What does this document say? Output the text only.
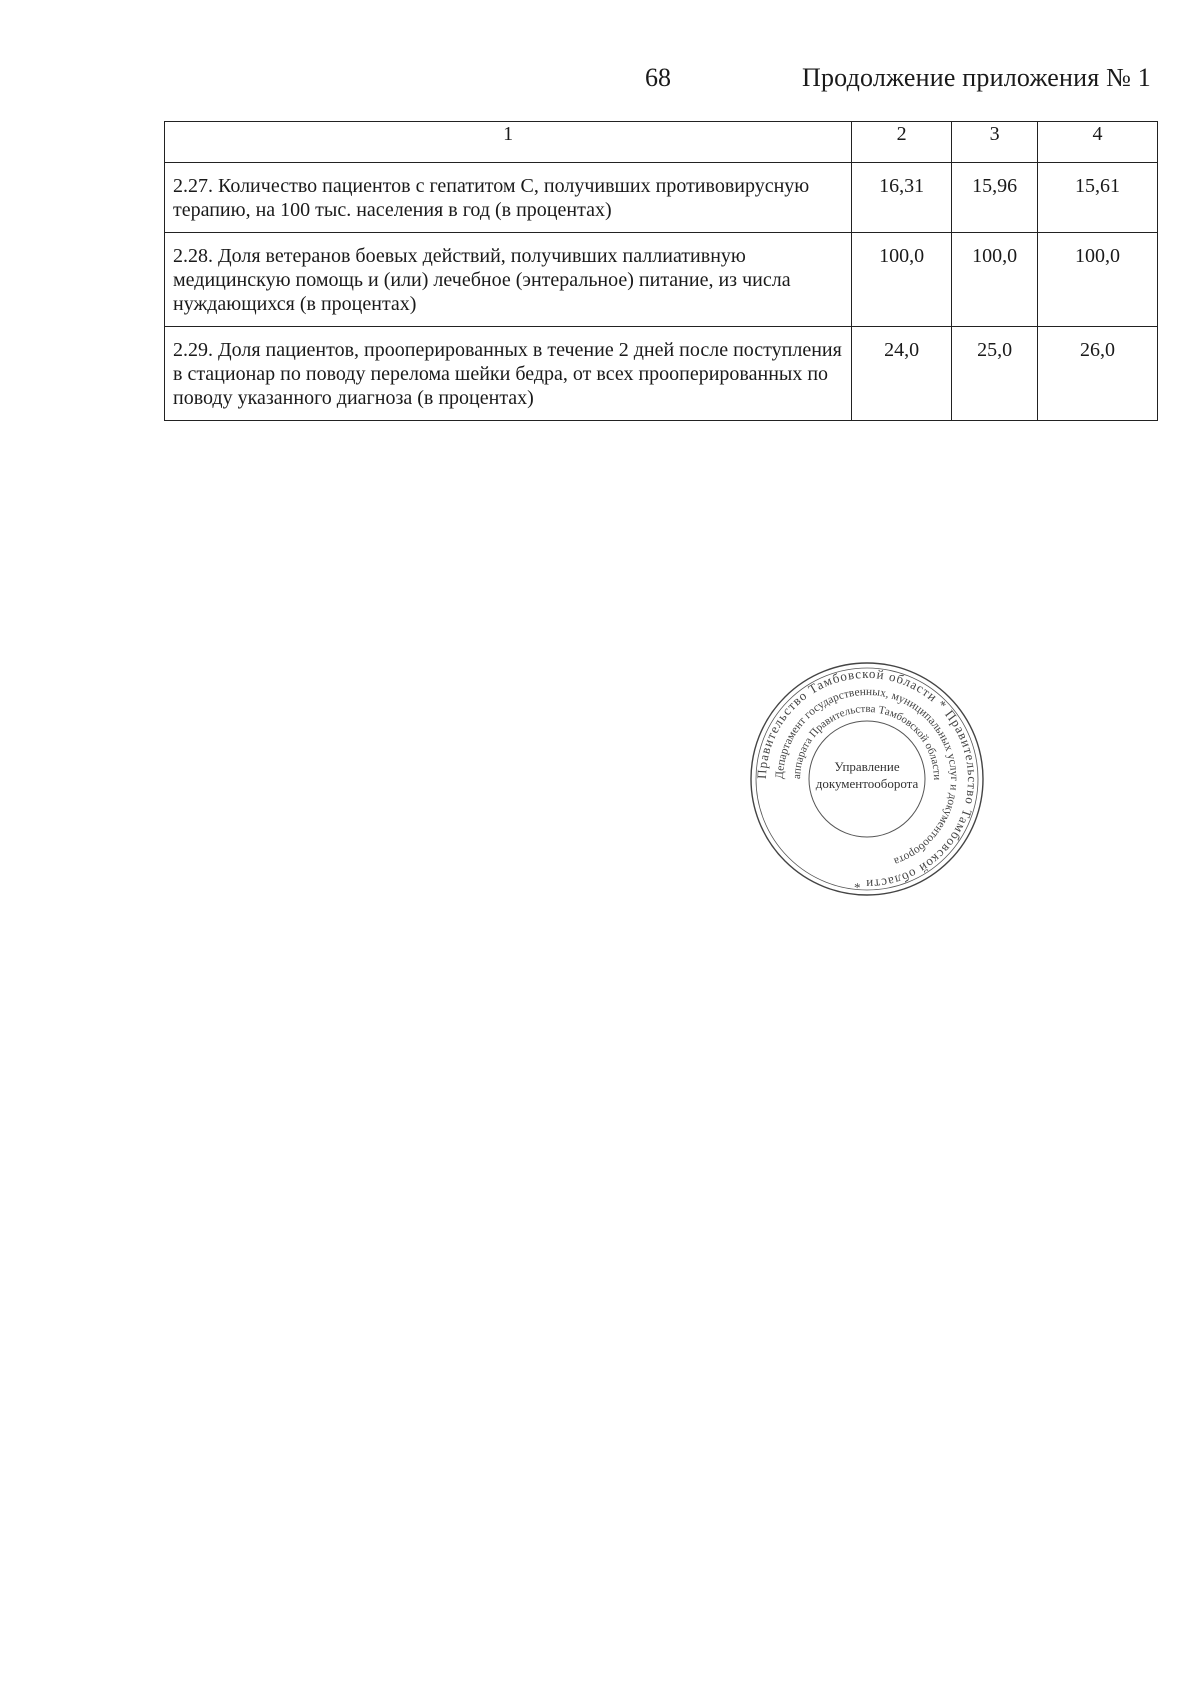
68	Продолжение приложения № 1
1	2	3	4
2.27. Количество пациентов с гепатитом С, получивших противовирусную терапию, на 100 тыс. населения в год (в процентах)	16,31	15,96	15,61
2.28. Доля ветеранов боевых действий, получивших паллиативную медицинскую помощь и (или) лечебное (энтеральное) питание, из числа нуждающихся (в процентах)	100,0	100,0	100,0
2.29. Доля пациентов, прооперированных в течение 2 дней после поступления в стационар по поводу перелома шейки бедра, от всех прооперированных по поводу указанного диагноза (в процентах)	24,0	25,0	26,0
Правительство Тамбовской области * Правительство Тамбовской области *
Департамент государственных, муниципальных услуг и документооборота
аппарата Правительства Тамбовской области
Управление документооборота
